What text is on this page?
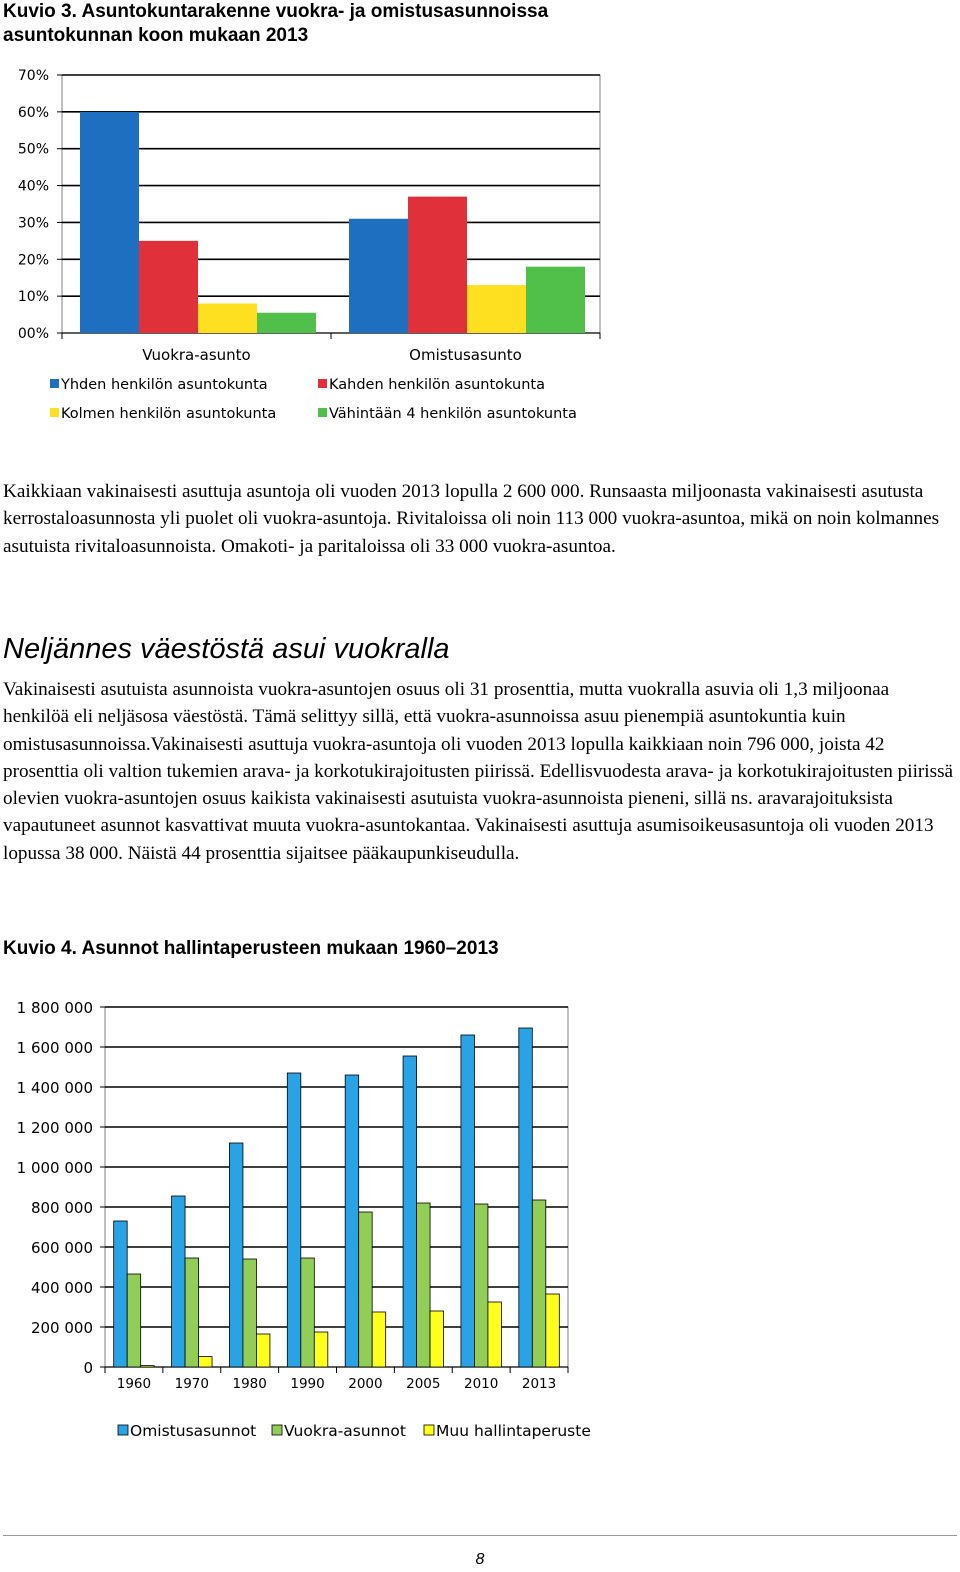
Kuvio 3. Asuntokuntarakenne vuokra- ja omistusasunnoissa

asuntokunnan koon mukaan 2013

00%
10%
20%
30%
40%
50%
60%
70%
Vuokra-asunto	Omistusasunto
Yhden henkilön asuntokunta	Kahden henkilön asuntokunta
Kolmen henkilön asuntokunta	Vähintään 4 henkilön asuntokunta

Kaikkiaan vakinaisesti asuttuja asuntoja oli vuoden 2013 lopulla 2 600 000. Runsaasta miljoonasta vakinaisesti asutusta kerrostaloasunnosta yli puolet oli vuokra-asuntoja. Rivitaloissa oli noin 113 000 vuokra-asuntoa, mikä on noin kolmannes asutuista rivitaloasunnoista. Omakoti- ja paritaloissa oli 33 000 vuokra-asuntoa.

Neljännes väestöstä asui vuokralla

Vakinaisesti asutuista asunnoista vuokra-asuntojen osuus oli 31 prosenttia, mutta vuokralla asuvia oli 1,3 miljoonaa henkilöä eli neljäsosa väestöstä. Tämä selittyy sillä, että vuokra-asunnoissa asuu pienempiä asuntokuntia kuin omistusasunnoissa.Vakinaisesti asuttuja vuokra-asuntoja oli vuoden 2013 lopulla kaikkiaan noin 796 000, joista 42 prosenttia oli valtion tukemien arava- ja korkotukirajoitusten piirissä. Edellisvuodesta arava- ja korkotukirajoitusten piirissä olevien vuokra-asuntojen osuus kaikista vakinaisesti asutuista vuokra-asunnoista pieneni, sillä ns. aravarajoituksista vapautuneet asunnot kasvattivat muuta vuokra-asuntokantaa. Vakinaisesti asuttuja asumisoikeusasuntoja oli vuoden 2013 lopussa 38 000. Näistä 44 prosenttia sijaitsee pääkaupunkiseudulla.

Kuvio 4. Asunnot hallintaperusteen mukaan 1960–2013

0
200 000
400 000
600 000
800 000
1 000 000
1 200 000
1 400 000
1 600 000
1 800 000
1960 1970 1980 1990 2000 2005 2010 2013
Omistusasunnot Vuokra-asunnot Muu hallintaperuste
8
